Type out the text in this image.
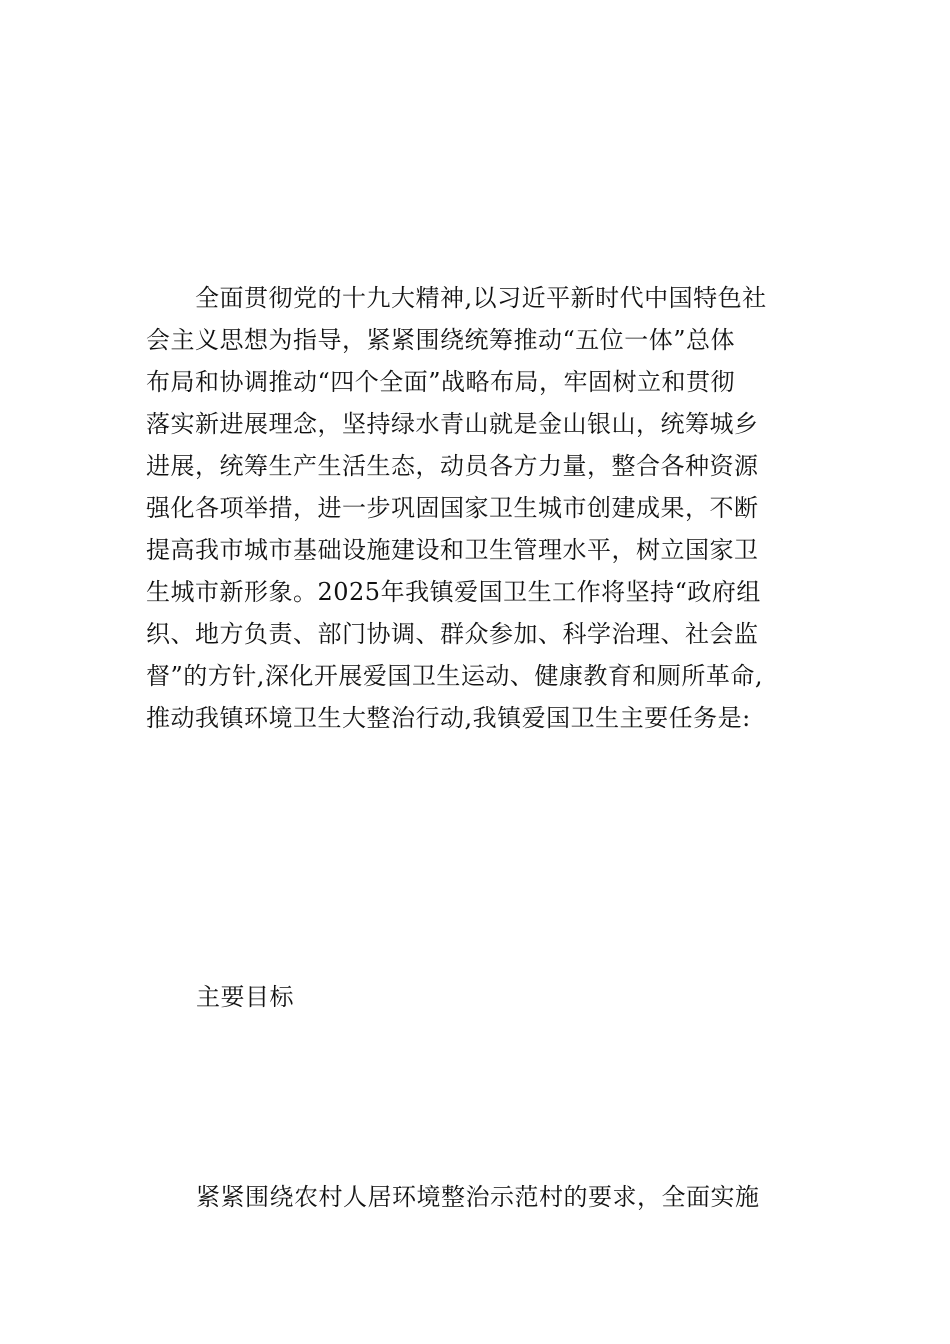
　　全面贯彻党的十九大精神,以习近平新时代中国特色社
会主义思想为指导，紧紧围绕统筹推动“五位一体”总体
布局和协调推动“四个全面”战略布局，牢固树立和贯彻
落实新进展理念，坚持绿水青山就是金山银山，统筹城乡
进展，统筹生产生活生态，动员各方力量，整合各种资源
强化各项举措，进一步巩固国家卫生城市创建成果，不断
提高我市城市基础设施建设和卫生管理水平，树立国家卫
生城市新形象。2025年我镇爱国卫生工作将坚持“政府组
织、地方负责、部门协调、群众参加、科学治理、社会监
督”的方针,深化开展爱国卫生运动、健康教育和厕所革命,
推动我镇环境卫生大整治行动,我镇爱国卫生主要任务是:

主要目标

紧紧围绕农村人居环境整治示范村的要求，全面实施
